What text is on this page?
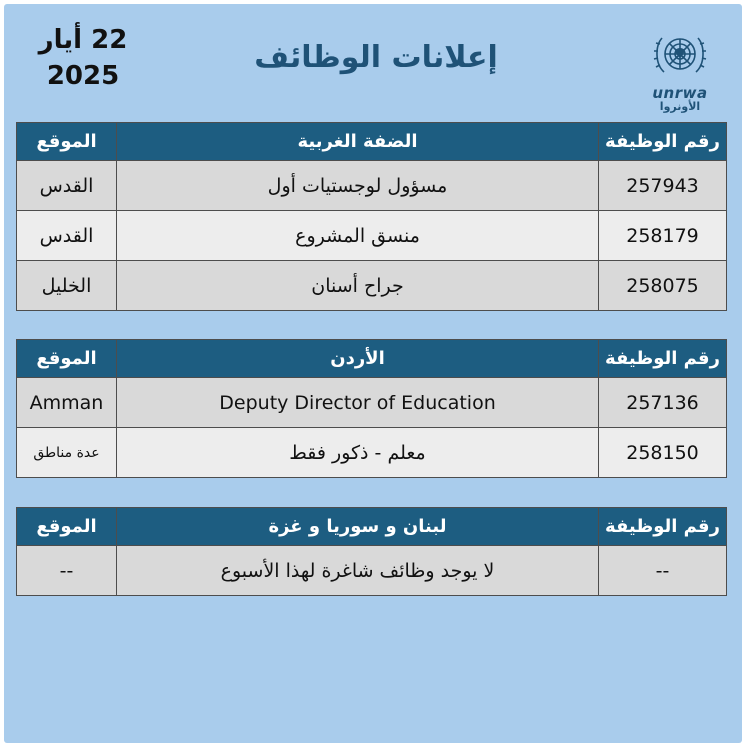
22 أيار
2025
إعلانات الوظائف
unrwa
الأونروا
الموقع	الضفة الغربية	رقم الوظيفة
القدس	مسؤول لوجستيات أول	257943
القدس	منسق المشروع	258179
الخليل	جراح أسنان	258075
الموقع	الأردن	رقم الوظيفة
Amman	Deputy Director of Education	257136
عدة مناطق	معلم - ذكور فقط	258150
الموقع	لبنان و سوريا و غزة	رقم الوظيفة
--	لا يوجد وظائف شاغرة لهذا الأسبوع	--
